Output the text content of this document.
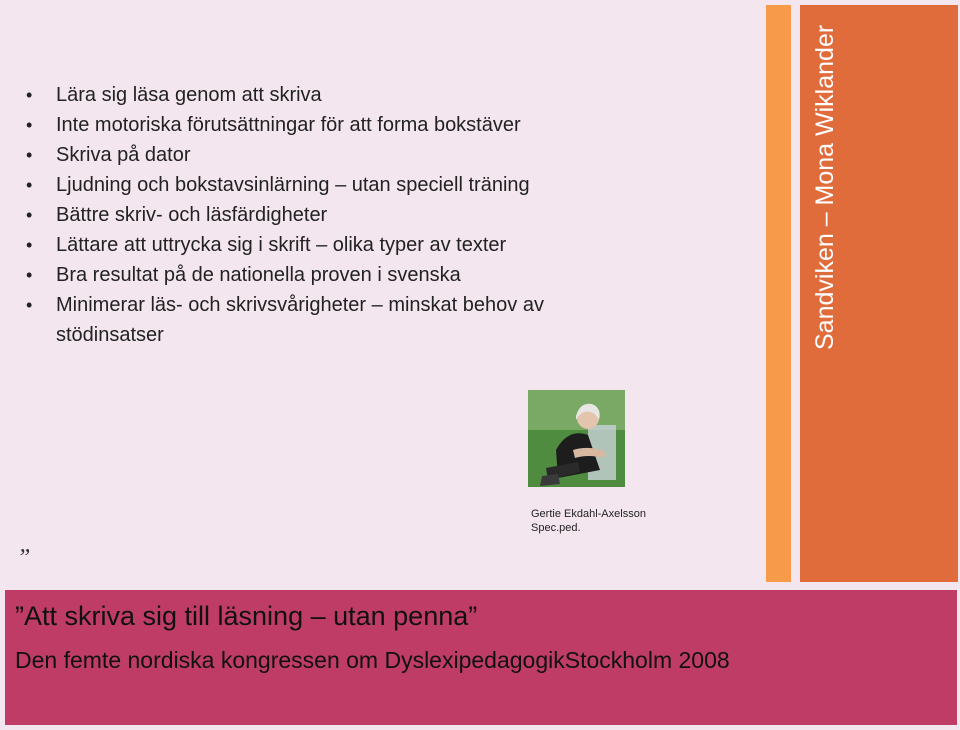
• Lära sig läsa genom att skriva
• Inte motoriska förutsättningar för att forma bokstäver
• Skriva på dator
• Ljudning och bokstavsinlärning – utan speciell träning
• Bättre skriv- och läsfärdigheter
• Lättare att uttrycka sig i skrift – olika typer av texter
• Bra resultat på de nationella proven i svenska
• Minimerar läs- och skrivsvårigheter – minskat behov av stödinsatser	Sandviken – Mona Wiklander
Gertie Ekdahl-Axelsson
Spec.ped.
”
”Att skriva sig till läsning – utan penna”
Den femte nordiska kongressen om DyslexipedagogikStockholm 2008
